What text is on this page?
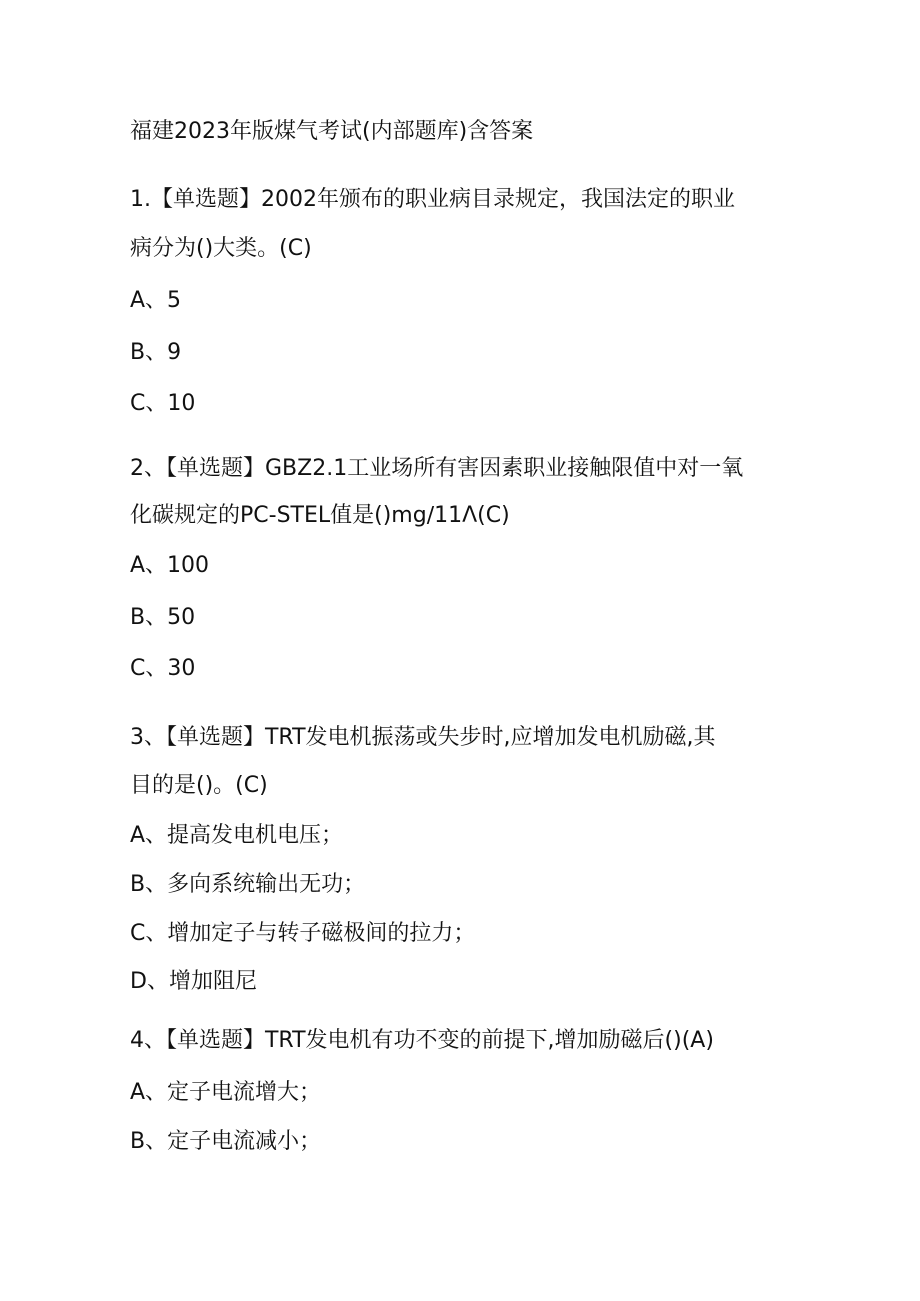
福建2023年版煤气考试(内部题库)含答案
1.【单选题】2002年颁布的职业病目录规定，我国法定的职业
病分为()大类。(C)
A、5
B、9
C、10
2、【单选题】GBZ2.1工业场所有害因素职业接触限值中对一氧
化碳规定的PC-STEL值是()mg∕11Λ(C)
A、100
B、50
C、30
3、【单选题】TRT发电机振荡或失步时,应增加发电机励磁,其
目的是()。(C)
A、提高发电机电压；
B、多向系统输出无功；
C、增加定子与转子磁极间的拉力；
D、增加阻尼
4、【单选题】TRT发电机有功不变的前提下,增加励磁后()(A)
A、定子电流增大；
B、定子电流减小；
